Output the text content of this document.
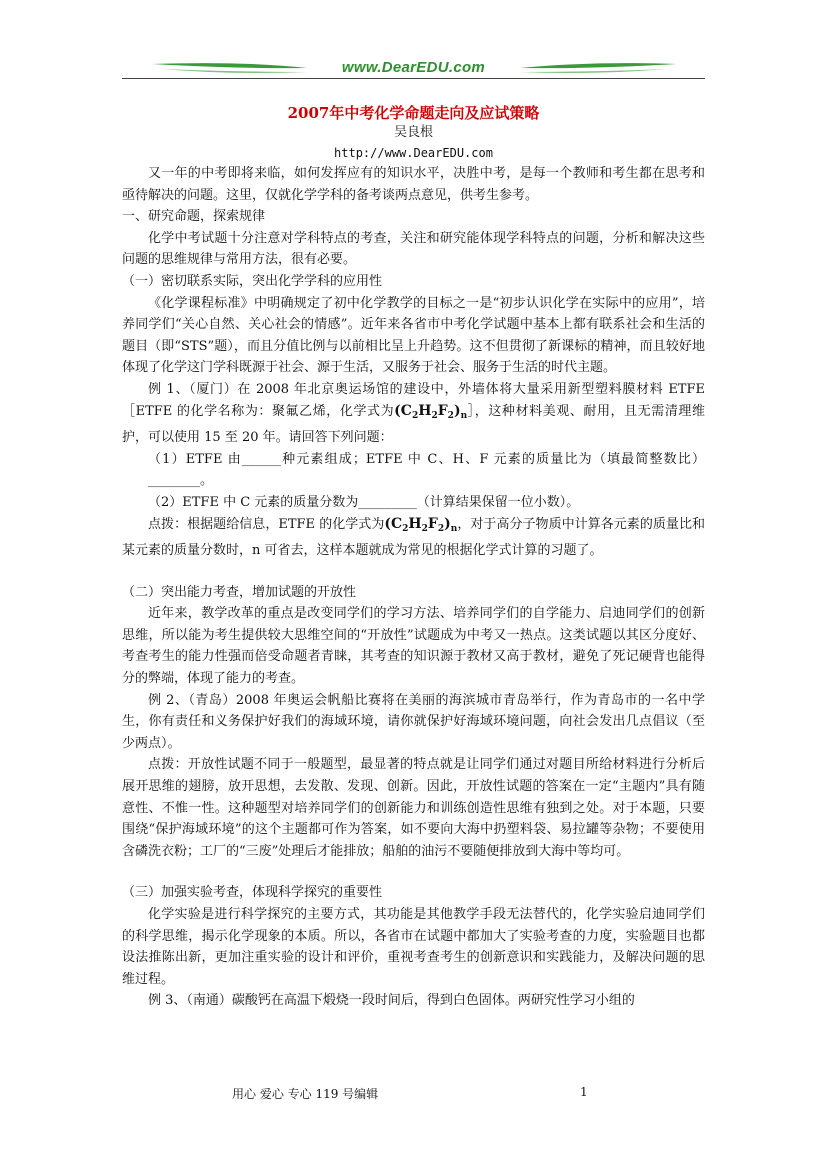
www.DearEDU.com
2007年中考化学命题走向及应试策略
吴良根
http://www.DearEDU.com

又一年的中考即将来临，如何发挥应有的知识水平，决胜中考，是每一个教师和考生都在思考和亟待解决的问题。这里，仅就化学学科的备考谈两点意见，供考生参考。

一、研究命题，探索规律

化学中考试题十分注意对学科特点的考查，关注和研究能体现学科特点的问题，分析和解决这些问题的思维规律与常用方法，很有必要。

（一）密切联系实际，突出化学学科的应用性

《化学课程标准》中明确规定了初中化学教学的目标之一是“初步认识化学在实际中的应用”，培养同学们“关心自然、关心社会的情感”。近年来各省市中考化学试题中基本上都有联系社会和生活的题目（即“STS”题），而且分值比例与以前相比呈上升趋势。这不但贯彻了新课标的精神，而且较好地体现了化学这门学科既源于社会、源于生活，又服务于社会、服务于生活的时代主题。

例 1、（厦门）在 2008 年北京奥运场馆的建设中，外墙体将大量采用新型塑料膜材料 ETFE［ETFE 的化学名称为：聚氟乙烯，化学式为$(C_2H_2F_2)_n]$，这种材料美观、耐用，且无需清理维护，可以使用 15 至 20 年。请回答下列问题：

（1）ETFE 由______种元素组成；ETFE 中 C、H、F 元素的质量比为（填最简整数比）________。

（2）ETFE 中 C 元素的质量分数为_________（计算结果保留一位小数）。

点拨：根据题给信息，ETFE 的化学式为$(C_2H_2F_2)_n$，对于高分子物质中计算各元素的质量比和某元素的质量分数时，n 可省去，这样本题就成为常见的根据化学式计算的习题了。

（二）突出能力考查，增加试题的开放性

近年来，教学改革的重点是改变同学们的学习方法、培养同学们的自学能力、启迪同学们的创新思维，所以能为考生提供较大思维空间的“开放性”试题成为中考又一热点。这类试题以其区分度好、考查考生的能力性强而倍受命题者青睐，其考查的知识源于教材又高于教材，避免了死记硬背也能得分的弊端，体现了能力的考查。

例 2、（青岛）2008 年奥运会帆船比赛将在美丽的海滨城市青岛举行，作为青岛市的一名中学生，你有责任和义务保护好我们的海域环境，请你就保护好海域环境问题，向社会发出几点倡议（至少两点）。

点拨：开放性试题不同于一般题型，最显著的特点就是让同学们通过对题目所给材料进行分析后展开思维的翅膀，放开思想，去发散、发现、创新。因此，开放性试题的答案在一定“主题内”具有随意性、不惟一性。这种题型对培养同学们的创新能力和训练创造性思维有独到之处。对于本题，只要围绕“保护海域环境”的这个主题都可作为答案，如不要向大海中扔塑料袋、易拉罐等杂物；不要使用含磷洗衣粉；工厂的“三废”处理后才能排放；船舶的油污不要随便排放到大海中等均可。

（三）加强实验考查，体现科学探究的重要性

化学实验是进行科学探究的主要方式，其功能是其他教学手段无法替代的，化学实验启迪同学们的科学思维，揭示化学现象的本质。所以，各省市在试题中都加大了实验考查的力度，实验题目也都设法推陈出新，更加注重实验的设计和评价，重视考查考生的创新意识和实践能力，及解决问题的思维过程。

例 3、（南通）碳酸钙在高温下煅烧一段时间后，得到白色固体。两研究性学习小组的

用心 爱心 专心 119 号编辑	1
